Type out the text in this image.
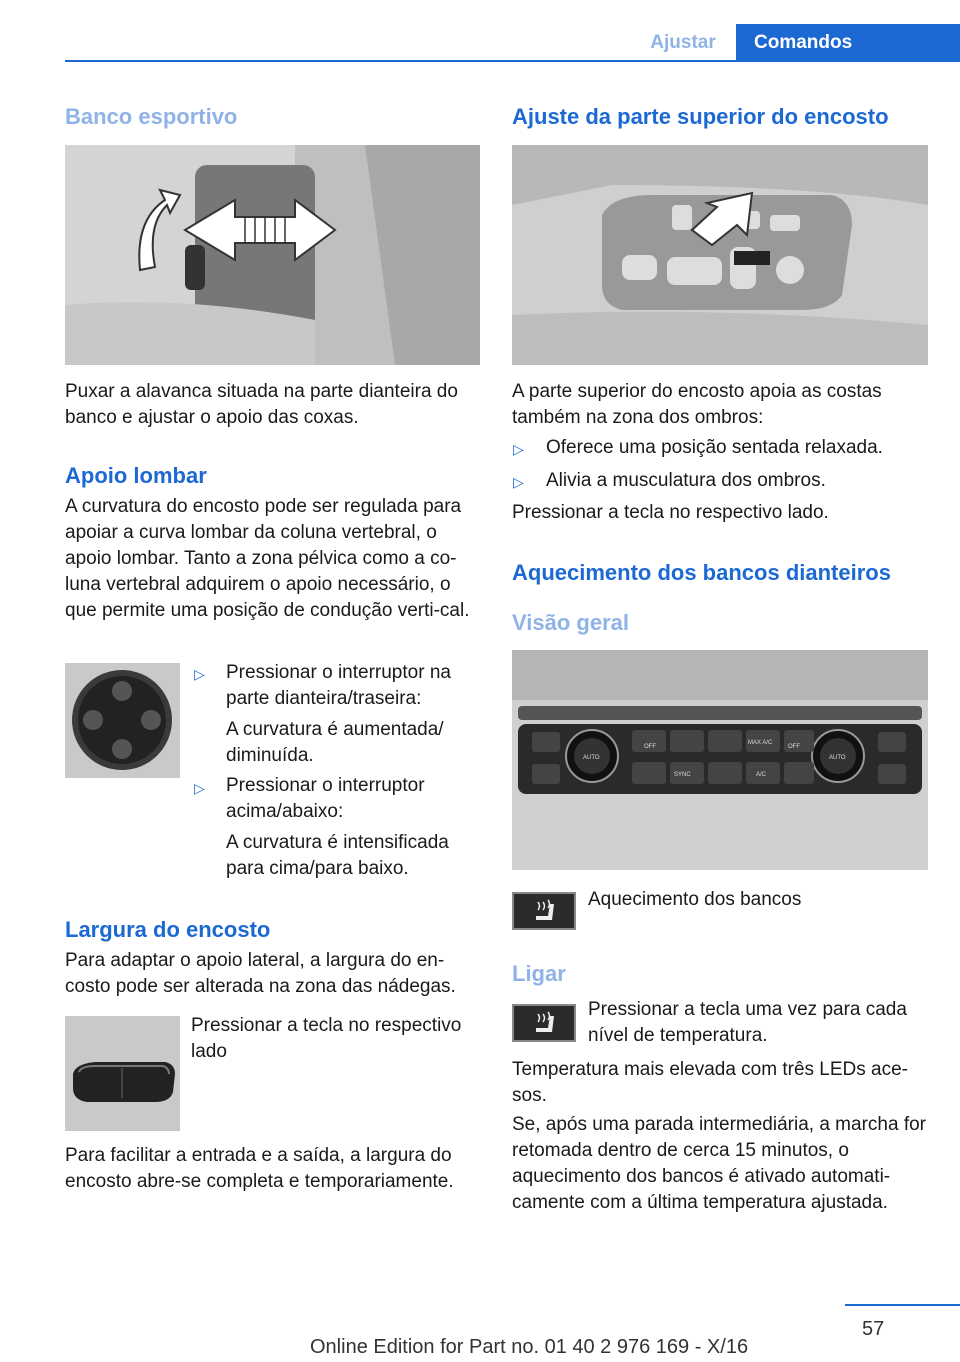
Ajustar	Comandos
Banco esportivo
Puxar a alavanca situada na parte dianteira do banco e ajustar o apoio das coxas.
Apoio lombar
A curvatura do encosto pode ser regulada para apoiar a curva lombar da coluna vertebral, o apoio lombar. Tanto a zona pélvica como a co‐luna vertebral adquirem o apoio necessário, o que permite uma posição de condução verti‐cal.
▷ Pressionar o interruptor na parte dianteira/traseira:
A curvatura é aumentada/ diminuída.
▷ Pressionar o interruptor acima/abaixo:
A curvatura é intensificada para cima/para baixo.
Largura do encosto
Para adaptar o apoio lateral, a largura do en‐costo pode ser alterada na zona das nádegas.
Pressionar a tecla no respectivo lado
Para facilitar a entrada e a saída, a largura do encosto abre-se completa e temporariamente.
Ajuste da parte superior do encosto
A parte superior do encosto apoia as costas também na zona dos ombros:
▷ Oferece uma posição sentada relaxada.
▷ Alivia a musculatura dos ombros.
Pressionar a tecla no respectivo lado.
Aquecimento dos bancos dianteiros
Visão geral
AUTO
OFF
MAX A/C
OFF
AUTO
SYNC	A/C
Aquecimento dos bancos
Ligar
Pressionar a tecla uma vez para cada nível de temperatura.
Temperatura mais elevada com três LEDs ace‐sos.
Se, após uma parada intermediária, a marcha for retomada dentro de cerca 15 minutos, o aquecimento dos bancos é ativado automati‐camente com a última temperatura ajustada.
57
Online Edition for Part no. 01 40 2 976 169 - X/16
